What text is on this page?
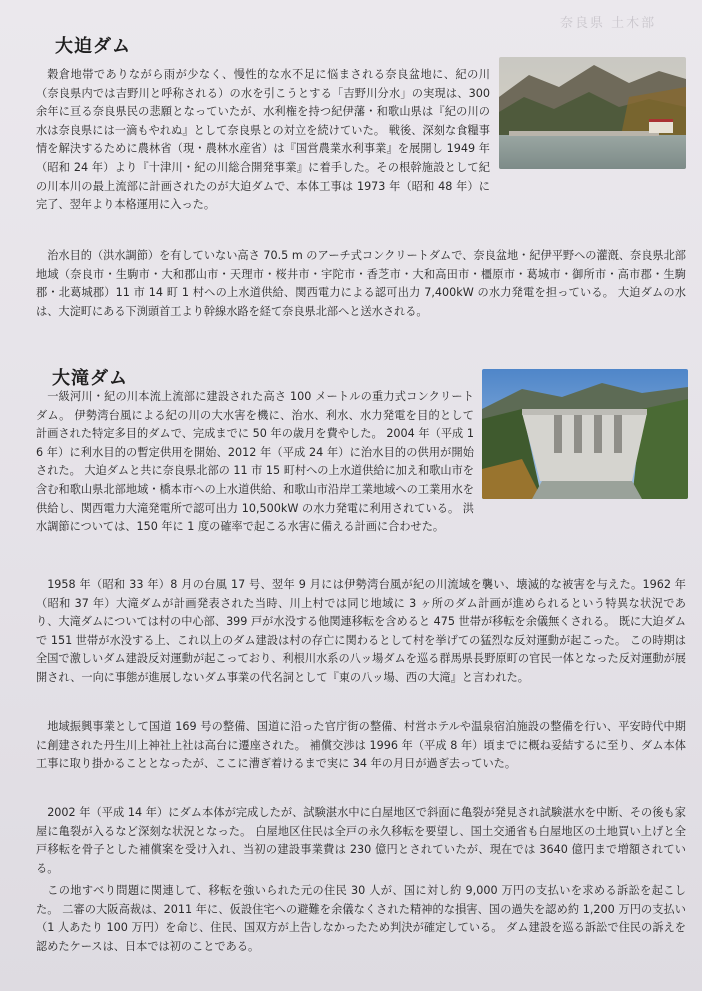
奈良県 土木部
大迫ダム

穀倉地帯でありながら雨が少なく、慢性的な水不足に悩まされる奈良盆地に、紀の川（奈良県内では吉野川と呼称される）の水を引こうとする「吉野川分水」の実現は、300 余年に亘る奈良県民の悲願となっていたが、水利権を持つ紀伊藩・和歌山県は『紀の川の水は奈良県には一滴もやれぬ』として奈良県との対立を続けていた。 戦後、深刻な食糧事情を解決するために農林省（現・農林水産省）は『国営農業水利事業』を展開し 1949 年（昭和 24 年）より『十津川・紀の川総合開発事業』に着手した。その根幹施設として紀の川本川の最上流部に計画されたのが大迫ダムで、本体工事は 1973 年（昭和 48 年）に完了、翌年より本格運用に入った。

治水目的（洪水調節）を有していない高さ 70.5 m のアーチ式コンクリートダムで、奈良盆地・紀伊平野への灌漑、奈良県北部地域（奈良市・生駒市・大和郡山市・天理市・桜井市・宇陀市・香芝市・大和高田市・橿原市・葛城市・御所市・高市郡・生駒郡・北葛城郡）11 市 14 町 1 村への上水道供給、関西電力による認可出力 7,400kW の水力発電を担っている。 大迫ダムの水は、大淀町にある下渕頭首工より幹線水路を経て奈良県北部へと送水される。

大滝ダム

一級河川・紀の川本流上流部に建設された高さ 100 メートルの重力式コンクリートダム。 伊勢湾台風による紀の川の大水害を機に、治水、利水、水力発電を目的として計画された特定多目的ダムで、完成までに 50 年の歳月を費やした。 2004 年（平成 16 年）に利水目的の暫定供用を開始、2012 年（平成 24 年）に治水目的の供用が開始された。 大迫ダムと共に奈良県北部の 11 市 15 町村への上水道供給に加え和歌山市を含む和歌山県北部地域・橋本市への上水道供給、和歌山市沿岸工業地域への工業用水を供給し、関西電力大滝発電所で認可出力 10,500kW の水力発電に利用されている。 洪水調節については、150 年に 1 度の確率で起こる水害に備える計画に合わせた。

1958 年（昭和 33 年）8 月の台風 17 号、翌年 9 月には伊勢湾台風が紀の川流域を襲い、壊滅的な被害を与えた。1962 年（昭和 37 年）大滝ダムが計画発表された当時、川上村では同じ地域に 3 ヶ所のダム計画が進められるという特異な状況であり、大滝ダムについては村の中心部、399 戸が水没する他関連移転を含めると 475 世帯が移転を余儀無くされる。 既に大迫ダムで 151 世帯が水没する上、これ以上のダム建設は村の存亡に関わるとして村を挙げての猛烈な反対運動が起こった。 この時期は全国で激しいダム建設反対運動が起こっており、利根川水系の八ッ場ダムを巡る群馬県長野原町の官民一体となった反対運動が展開され、一向に事態が進展しないダム事業の代名詞として『東の八ッ場、西の大滝』と言われた。

地域振興事業として国道 169 号の整備、国道に沿った官庁街の整備、村営ホテルや温泉宿泊施設の整備を行い、平安時代中期に創建された丹生川上神社上社は高台に遷座された。 補償交渉は 1996 年（平成 8 年）頃までに概ね妥結するに至り、ダム本体工事に取り掛かることとなったが、ここに漕ぎ着けるまで実に 34 年の月日が過ぎ去っていた。

2002 年（平成 14 年）にダム本体が完成したが、試験湛水中に白屋地区で斜面に亀裂が発見され試験湛水を中断、その後も家屋に亀裂が入るなど深刻な状況となった。 白屋地区住民は全戸の永久移転を要望し、国土交通省も白屋地区の土地買い上げと全戸移転を骨子とした補償案を受け入れ、当初の建設事業費は 230 億円とされていたが、現在では 3640 億円まで増額されている。

この地すべり問題に関連して、移転を強いられた元の住民 30 人が、国に対し約 9,000 万円の支払いを求める訴訟を起こした。 二審の大阪高裁は、2011 年に、仮設住宅への避難を余儀なくされた精神的な損害、国の過失を認め約 1,200 万円の支払い（1 人あたり 100 万円）を命じ、住民、国双方が上告しなかったため判決が確定している。 ダム建設を巡る訴訟で住民の訴えを認めたケースは、日本では初のことである。
